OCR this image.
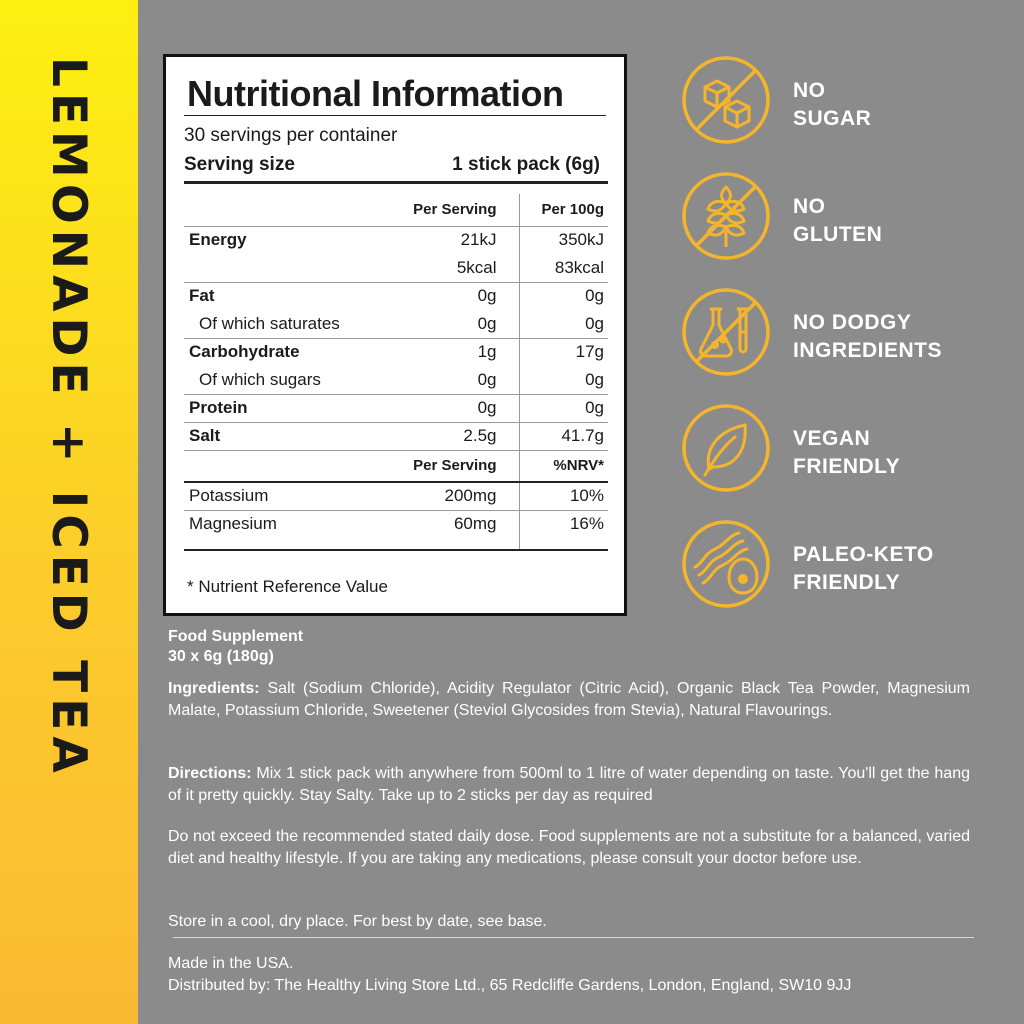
LEMONADE + ICED TEA	Nutritional Information
30 servings per container
Serving size	1 stick pack (6g)
	Per Serving	Per 100g
Energy	21kJ	350kJ
	5kcal	83kcal
Fat	0g	0g
Of which saturates	0g	0g
Carbohydrate	1g	17g
Of which sugars	0g	0g
Protein	0g	0g
Salt	2.5g	41.7g
	Per Serving	%NRV*
Potassium	200mg	10%
Magnesium	60mg	16%

* Nutrient Reference Value
NO
SUGAR
NO
GLUTEN
NO DODGY
INGREDIENTS
VEGAN
FRIENDLY
PALEO-KETO
FRIENDLY
Food Supplement
30 x 6g (180g)
Ingredients: Salt (Sodium Chloride), Acidity Regulator (Citric Acid), Organic Black Tea Powder, Magnesium Malate, Potassium Chloride, Sweetener (Steviol Glycosides from Stevia), Natural Flavourings.
Directions: Mix 1 stick pack with anywhere from 500ml to 1 litre of water depending on taste. You'll get the hang of it pretty quickly. Stay Salty. Take up to 2 sticks per day as required
Do not exceed the recommended stated daily dose. Food supplements are not a substitute for a balanced, varied diet and healthy lifestyle. If you are taking any medications, please consult your doctor before use.
Store in a cool, dry place. For best by date, see base.
Made in the USA.
Distributed by: The Healthy Living Store Ltd., 65 Redcliffe Gardens, London, England, SW10 9JJ
